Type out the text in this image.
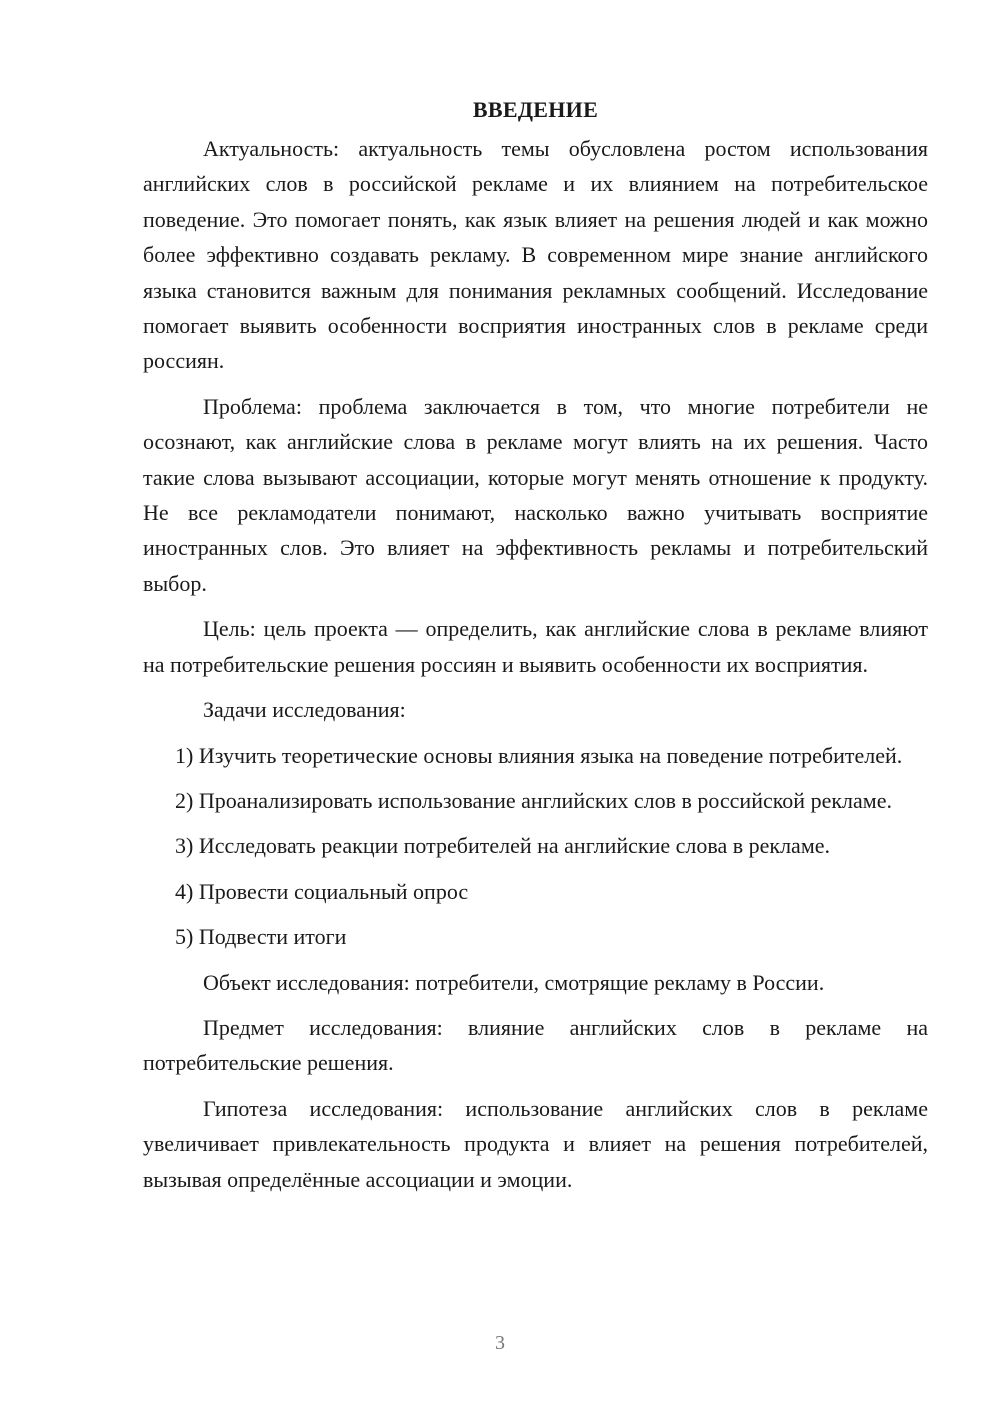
ВВЕДЕНИЕ

Актуальность: актуальность темы обусловлена ростом использования английских слов в российской рекламе и их влиянием на потребительское поведение. Это помогает понять, как язык влияет на решения людей и как можно более эффективно создавать рекламу. В современном мире знание английского языка становится важным для понимания рекламных сообщений. Исследование помогает выявить особенности восприятия иностранных слов в рекламе среди россиян.

Проблема: проблема заключается в том, что многие потребители не осознают, как английские слова в рекламе могут влиять на их решения. Часто такие слова вызывают ассоциации, которые могут менять отношение к продукту. Не все рекламодатели понимают, насколько важно учитывать восприятие иностранных слов. Это влияет на эффективность рекламы и потребительский выбор.

Цель: цель проекта — определить, как английские слова в рекламе влияют на потребительские решения россиян и выявить особенности их восприятия.

Задачи исследования:

1) Изучить теоретические основы влияния языка на поведение потребителей.

2) Проанализировать использование английских слов в российской рекламе.

3) Исследовать реакции потребителей на английские слова в рекламе.

4) Провести социальный опрос

5) Подвести итоги

Объект исследования: потребители, смотрящие рекламу в России.

Предмет исследования: влияние английских слов в рекламе на потребительские решения.

Гипотеза исследования: использование английских слов в рекламе увеличивает привлекательность продукта и влияет на решения потребителей, вызывая определённые ассоциации и эмоции.

3
